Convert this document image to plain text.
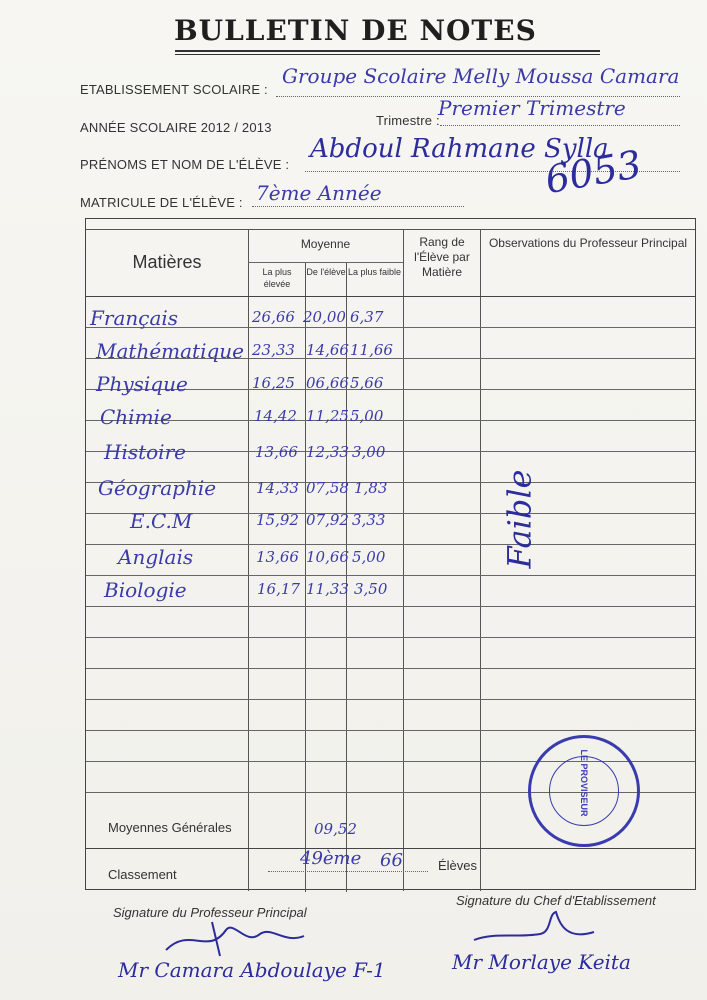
BULLETIN DE NOTES
ETABLISSEMENT SCOLAIRE :
Groupe Scolaire Melly Moussa Camara
ANNÉE SCOLAIRE 2012 / 2013	Trimestre :
Premier Trimestre
PRÉNOMS ET NOM DE L'ÉLÈVE :
Abdoul Rahmane Sylla
MATRICULE DE L'ÉLÈVE : 7ème Année	6053
Matières
Moyenne
La plus élevée
De l'élève La plus faible
Rang de l'Élève par Matière
Observations du Professeur Principal
Français	26,66 20,00 6,37
Mathématique 23,33 14,66 11,66
Physique	16,25 06,66 5,66
Chimie	14,42 11,25 5,00
Histoire	13,66 12,33 3,00
Géographie	14,33 07,58 1,83
E.C.M	15,92 07,92 3,33
Anglais	13,66 10,66 5,00
Biologie	16,17 11,33 3,50
Faible
Moyennes Générales	09,52
Classement
49ème 66	Élèves
LE PROVISEUR
Signature du Professeur Principal
Signature du Chef d'Etablissement
Mr Camara Abdoulaye F-1	Mr Morlaye Keita
